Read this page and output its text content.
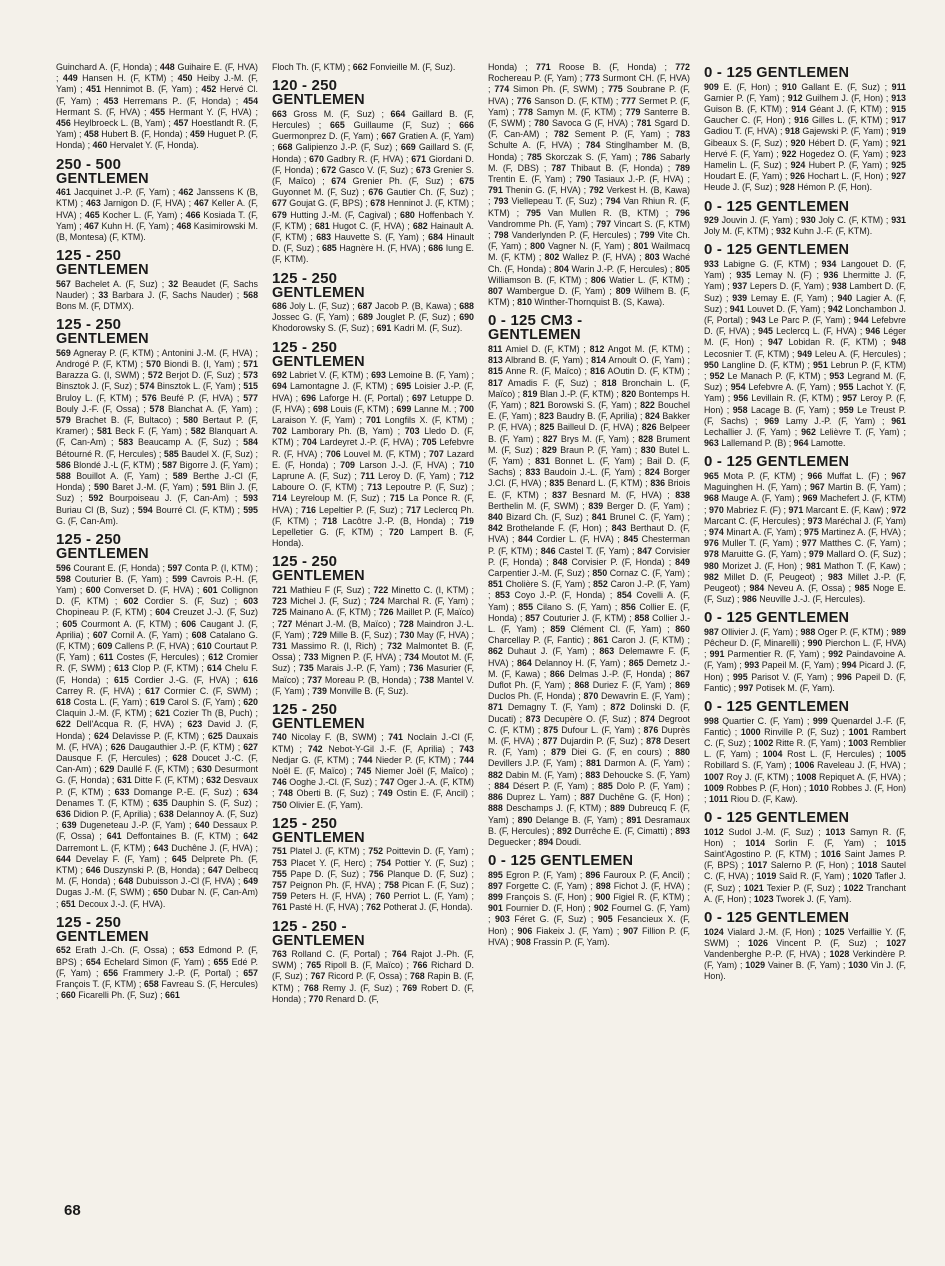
Guinchard A. (F, Honda) ; 448 Guihaire E. (F, HVA) ; 449 Hansen H. (F, KTM) ; 450 Heiby J.-M. (F, Yam) ; 451 Hennimot B. (F, Yam) ; 452 Hervé Cl. (F, Yam) ; 453 Herremans P.. (F, Honda) ; 454 Hermant S. (F, HVA) ; 455 Hermant Y. (F, HVA) ; 456 Heylbroeck L. (B, Yam) ; 457 Hoestlandt R. (F, Yam) ; 458 Hubert B. (F, Honda) ; 459 Huguet P. (F, Honda) ; 460 Hervalet Y. (F, Honda).

250 - 500
GENTLEMEN

461 Jacquinet J.-P. (F, Yam) ; 462 Janssens K (B, KTM) ; 463 Jarnigon D. (F, HVA) ; 467 Keller A. (F, HVA) ; 465 Kocher L. (F, Yam) ; 466 Kosiada T. (F, Yam) ; 467 Kuhn H. (F, Yam) ; 468 Kasimirowski M. (B, Montesa) (F, KTM).

125 - 250
GENTLEMEN

567 Bachelet A. (F, Suz) ; 32 Beaudet (F, Sachs Nauder) ; 33 Barbara J. (F, Sachs Nauder) ; 568 Bons M. (F, DTMX).

125 - 250
GENTLEMEN

569 Agneray P. (F, KTM) ; Antonini J.-M. (F, HVA) ; Androgé P. (F, KTM) ; 570 Biondi B. (I, Yam) ; 571 Barazza G. (I, SWM) ; 572 Berjot D. (F, Suz) ; 573 Binsztok J. (F, Suz) ; 574 Binsztok L. (F, Yam) ; 515 Bruloy L. (F, KTM) ; 576 Beufé P. (F, HVA) ; 577 Bouly J.-F. (F, Ossa) ; 578 Blanchat A. (F, Yam) ; 579 Brachet B. (F, Bultaco) ; 580 Bertaut P. (F, Kramer) ; 581 Beck F. (F, Yam) ; 582 Blanquart A. (F, Can-Am) ; 583 Beaucamp A. (F, Suz) ; 584 Bétourné R. (F, Hercules) ; 585 Baudel X. (F, Suz) ; 586 Blondé J.-L (F, KTM) ; 587 Bigorre J. (F, Yam) ; 588 Bouillot A. (F, Yam) ; 589 Berthe J.-Cl (F, Honda) ; 590 Baret J.-M. (F, Yam) ; 591 Blin J. (F, Suz) ; 592 Bourpoiseau J. (F, Can-Am) ; 593 Buriau Cl (B, Suz) ; 594 Bourré Cl. (F, KTM) ; 595 G. (F, Can-Am).

125 - 250
GENTLEMEN

596 Courant E. (F, Honda) ; 597 Conta P. (I, KTM) ; 598 Couturier B. (F, Yam) ; 599 Cavrois P.-H. (F, Yam) ; 600 Converset D. (F, HVA) ; 601 Collignon D. (F, KTM) ; 602 Cordier S. (F, Suz) ; 603 Chopineau P. (F, KTM) ; 604 Creuzet J.-J. (F, Suz) ; 605 Courmont A. (F, KTM) ; 606 Caugant J. (F, Aprilia) ; 607 Cornil A. (F, Yam) ; 608 Catalano G. (F, KTM) ; 609 Callens P. (F, HVA) ; 610 Courtaut P. (F, Yam) ; 611 Costes (F, Hercules) ; 612 Cromier R. (F, SWM) ; 613 Clop P. (F, KTM) ; 614 Chelu F. (F, Honda) ; 615 Cordier J.-G. (F, HVA) ; 616 Carrey R. (F, HVA) ; 617 Cormier C. (F, SWM) ; 618 Costa L. (F, Yam) ; 619 Carol S. (F, Yam) ; 620 Claquin J.-M. (F, KTM) ; 621 Cozier Th (B, Puch) ; 622 Dell'Acqua R. (F, HVA) ; 623 David J. (F, Honda) ; 624 Delavisse P. (F, KTM) ; 625 Dauxais M. (F, HVA) ; 626 Daugauthier J.-P. (F, KTM) ; 627 Dausque F. (F, Hercules) ; 628 Doucet J.-C. (F, Can-Am) ; 629 Daullé F. (F, KTM) ; 630 Desurmont G. (F, Honda) ; 631 Ditte F. (F, KTM) ; 632 Desvaux P. (F, KTM) ; 633 Domange P.-E. (F, Suz) ; 634 Denames T. (F, KTM) ; 635 Dauphin S. (F, Suz) ; 636 Didion P. (F, Aprilia) ; 638 Delannoy A. (F, Suz) ; 639 Dugeneteau J.-P. (F, Yam) ; 640 Dessaux P. (F, Ossa) ; 641 Deffontaines B. (F, KTM) ; 642 Darremont L. (F, KTM) ; 643 Duchêne J. (F, HVA) ; 644 Develay F. (F, Yam) ; 645 Delprete Ph. (F, KTM) ; 646 Duszynski P. (B, Honda) ; 647 Delbecq M. (F, Honda) ; 648 Dubuisson J.-Cl (F, HVA) ; 649 Dugas J.-M. (F, SWM) ; 650 Dubar N. (F, Can-Am) ; 651 Decoux J.-J. (F, HVA).

125 - 250
GENTLEMEN

652 Erath J.-Ch. (F, Ossa) ; 653 Edmond P. (F, BPS) ; 654 Echelard Simon (F, Yam) ; 655 Edé P. (F, Yam) ; 656 Frammery J.-P. (F, Portal) ; 657 François T. (F, KTM) ; 658 Favreau S. (F, Hercules) ; 660 Ficarelli Ph. (F, Suz) ; 661

Floch Th. (F, KTM) ; 662 Fonvieille M. (F, Suz).

120 - 250
GENTLEMEN

663 Gross M. (F, Suz) ; 664 Gaillard B. (F, Hercules) ; 665 Guillaume (F, Suz) ; 666 Guermonprez D. (F, Yam) ; 667 Gratien A. (F, Yam) ; 668 Galipienzo J.-P. (F, Suz) ; 669 Gaillard S. (F, Honda) ; 670 Gadbry R. (F, HVA) ; 671 Giordani D. (F, Honda) ; 672 Gasco V. (F, Suz) ; 673 Grenier S. (F, Maïco) ; 674 Grenier Ph. (F, Suz) ; 675 Guyonnet M. (F, Suz) ; 676 Gautier Ch. (F, Suz) ; 677 Goujat G. (F, BPS) ; 678 Henninot J. (F, KTM) ; 679 Hutting J.-M. (F, Cagival) ; 680 Hoffenbach Y. (F, KTM) ; 681 Hugot C. (F, HVA) ; 682 Hainault A. (F, KTM) ; 683 Hauvette S. (F, Yam) ; 684 Hinault D. (F, Suz) ; 685 Hagnère H. (F, HVA) ; 686 Iung E. (F, KTM).

125 - 250
GENTLEMEN

686 Joly L. (F, Suz) ; 687 Jacob P. (B, Kawa) ; 688 Jossec G. (F, Yam) ; 689 Jouglet P. (F, Suz) ; 690 Khodorowsky S. (F, Suz) ; 691 Kadri M. (F, Suz).

125 - 250
GENTLEMEN

692 Labriet V. (F, KTM) ; 693 Lemoine B. (F, Yam) ; 694 Lamontagne J. (F, KTM) ; 695 Loisier J.-P. (F, HVA) ; 696 Laforge H. (F, Portal) ; 697 Letuppe D. (F, HVA) ; 698 Louis (F, KTM) ; 699 Lanne M. ; 700 Laraison Y. (F, Yam) ; 701 Longfils X. (F, KTM) ; 702 Lamborary Ph. (B, Yam) ; 703 Lledo D. (F, KTM) ; 704 Lardeyret J.-P. (F, HVA) ; 705 Lefebvre R. (F, HVA) ; 706 Louvel M. (F, KTM) ; 707 Lazard E. (F, Honda) ; 709 Larson J.-J. (F, HVA) ; 710 Laprune A. (F, Suz) ; 711 Leroy D. (F, Yam) ; 712 Laboure O. (F, KTM) ; 713 Lepoutre P. (F, Suz) ; 714 Leyreloup M. (F, Suz) ; 715 La Ponce R. (F, HVA) ; 716 Lepeltier P. (F, Suz) ; 717 Leclercq Ph. (F, KTM) ; 718 Lacôtre J.-P. (B, Honda) ; 719 Lepelletier G. (F, KTM) ; 720 Lampert B. (F, Honda).

125 - 250
GENTLEMEN

721 Mathieu F (F, Suz) ; 722 Minetto C. (I, KTM) ; 723 Michel J. (F, Suz) ; 724 Marchal R. (F, Yam) ; 725 Mainano A. (F, KTM) ; 726 Maillet P. (F, Maïco) ; 727 Ménart J.-M. (B, Maïco) ; 728 Maindron J.-L. (F, Yam) ; 729 Mille B. (F, Suz) ; 730 May (F, HVA) ; 731 Massimo R. (I, Rich) ; 732 Malmontet B. (F, Ossa) ; 733 Mignen P. (F, HVA) ; 734 Moutot M. (F, Suz) ; 735 Marais J.-P. (F, Yam) ; 736 Masurier (F, Maïco) ; 737 Moreau P. (B, Honda) ; 738 Mantel V. (F, Yam) ; 739 Monville B. (F, Suz).

125 - 250
GENTLEMEN

740 Nicolay F. (B, SWM) ; 741 Noclain J.-Cl (F, KTM) ; 742 Nebot-Y-Gil J.-F. (F, Aprilia) ; 743 Nedjar G. (F, KTM) ; 744 Nieder P. (F, KTM) ; 744 Noël E. (F, Maïco) ; 745 Niemer Joël (F, Maïco) ; 746 Ooghe J.-Cl. (F, Suz) ; 747 Oger J.-A. (F, KTM) ; 748 Oberti B. (F, Suz) ; 749 Ostin E. (F, Ancil) ; 750 Olivier E. (F, Yam).

125 - 250
GENTLEMEN

751 Platel J. (F, KTM) ; 752 Poittevin D. (F, Yam) ; 753 Placet Y. (F, Herc) ; 754 Pottier Y. (F, Suz) ; 755 Pape D. (F, Suz) ; 756 Planque D. (F, Suz) ; 757 Peignon Ph. (F, HVA) ; 758 Pican F. (F, Suz) ; 759 Peters H. (F, HVA) ; 760 Perriot L. (F, Yam) ; 761 Pasté H. (F, HVA) ; 762 Potherat J. (F, Honda).

125 - 250 -
GENTLEMEN

763 Rolland C. (F, Portal) ; 764 Rajot J.-Ph. (F, SWM) ; 765 Ripoll B. (F, Maïco) ; 766 Richard D. (F, Suz) ; 767 Ricord P. (F, Ossa) ; 768 Rapin B. (F, KTM) ; 768 Remy J. (F, Suz) ; 769 Robert D. (F, Honda) ; 770 Renard D. (F,

Honda) ; 771 Roose B. (F, Honda) ; 772 Rochereau P. (F, Yam) ; 773 Surmont CH. (F, HVA) ; 774 Simon Ph. (F, SWM) ; 775 Soubrane P. (F, HVA) ; 776 Sanson D. (F, KTM) ; 777 Sermet P. (F, Yam) ; 778 Samyn M. (F, KTM) ; 779 Santerre B. (F, SWM) ; 780 Savoca G (F, HVA) ; 781 Sgard D. (F, Can-AM) ; 782 Sement P. (F, Yam) ; 783 Schulte A. (F, HVA) ; 784 Stinglhamber M. (B, Honda) ; 785 Skorczak S. (F, Yam) ; 786 Sabarly M. (F, DBS) ; 787 Thibaut B. (F, Honda) ; 789 Trentin E. (F, Yam) ; 790 Tasiaux J.-P. (F, HVA) ; 791 Thenin G. (F, HVA) ; 792 Verkest H. (B, Kawa) ; 793 Viellepeau T. (F, Suz) ; 794 Van Rhiun R. (F, KTM) ; 795 Van Mullen R. (B, KTM) ; 796 Vandromme Ph. (F, Yam) ; 797 Vincart S. (F, KTM) ; 798 Vanderlynden P. (F, Hercules) ; 799 Vite Ch. (F, Yam) ; 800 Vagner N. (F, Yam) ; 801 Wailmacq M. (F, KTM) ; 802 Wallez P. (F, HVA) ; 803 Waché Ch. (F, Honda) ; 804 Warin J.-P. (F, Hercules) ; 805 Williamson B. (F, KTM) ; 806 Watier L. (F, KTM) ; 807 Wambergue D. (F, Yam) ; 809 Wilhem B. (F, KTM) ; 810 Winther-Thornquist B. (S, Kawa).

0 - 125 CM3 -
GENTLEMEN

811 Amiel D. (F, KTM) ; 812 Angot M. (F, KTM) ; 813 Albrand B. (F, Yam) ; 814 Arnoult O. (F, Yam) ; 815 Anne R. (F, Maïco) ; 816 AOutin D. (F, KTM) ; 817 Amadis F. (F, Suz) ; 818 Bronchain L. (F, Maïco) ; 819 Blan J.-P. (F, KTM) ; 820 Bontemps H. (F, Yam) ; 821 Borowski S. (F, Yam) ; 822 Bouchel E. (F, Yam) ; 823 Baudry B. (F, Aprilia) ; 824 Bakker P. (F, HVA) ; 825 Bailleul D. (F, HVA) ; 826 Belpeer B. (F, Yam) ; 827 Brys M. (F, Yam) ; 828 Brument M. (F, Suz) ; 829 Braun P. (F, Yam) ; 830 Butel L. (F, Yam) ; 831 Bonnet L. (F, Yam) ; Bail D. (F, Sachs) ; 833 Baudoin J.-L. (F, Yam) ; 824 Borger J.Cl. (F, HVA) ; 835 Benard L. (F, KTM) ; 836 Briois E. (F, KTM) ; 837 Besnard M. (F, HVA) ; 838 Berthelin M. (F, SWM) ; 839 Berger D. (F, Yam) ; 840 Bizard Ch. (F, Suz) ; 841 Brunel C. (F, Yam) ; 842 Brothelande F. (F, Hon) ; 843 Berthaut D. (F, HVA) ; 844 Cordier L. (F, HVA) ; 845 Chesterman P. (F, KTM) ; 846 Castel T. (F, Yam) ; 847 Corvisier P. (F, Honda) ; 848 Corvisier P. (F, Honda) ; 849 Carpentier J.-M. (F, Suz) ; 850 Cornaz C. (F, Yam) ; 851 Cholière S. (F, Yam) ; 852 Caron J.-P. (F, Yam) ; 853 Coyo J.-P. (F, Honda) ; 854 Covelli A. (F, Yam) ; 855 Cilano S. (F, Yam) ; 856 Collier E. (F, Honda) ; 857 Couturier J. (F, KTM) ; 858 Collier J.-L. (F, Yam) ; 859 Clément Cl. (F, Yam) ; 860 Charcellay P. (F, Fantic) ; 861 Caron J. (F, KTM) ; 862 Duhaut J. (F, Yam) ; 863 Delemawre F. (F, HVA) ; 864 Delannoy H. (F, Yam) ; 865 Demetz J.-M. (F, Kawa) ; 866 Delmas J.-P. (F, Honda) ; 867 Duflot Ph. (F, Yam) ; 868 Duriez F. (F, Yam) ; 869 Duclos Ph. (F, Honda) ; 870 Dewavrin E. (F, Yam) ; 871 Demagny T. (F, Yam) ; 872 Dolinski D. (F, Ducati) ; 873 Decupère O. (F, Suz) ; 874 Degroot C. (F, KTM) ; 875 Dufour L. (F, Yam) ; 876 Duprès M. (F, HVA) ; 877 Dujardin P. (F, Suz) ; 878 Desert R. (F, Yam) ; 879 Diei G. (F, en cours) ; 880 Devillers J.P. (F, Yam) ; 881 Darmon A. (F, Yam) ; 882 Dabin M. (F, Yam) ; 883 Dehoucke S. (F, Yam) ; 884 Désert P. (F, Yam) ; 885 Dolo P. (F, Yam) ; 886 Duprez L. Yam) ; 887 Duchêne G. (F, Hon) ; 888 Deschamps J. (F, KTM) ; 889 Dubreucq F. (F, Yam) ; 890 Delange B. (F, Yam) ; 891 Desramaux B. (F, Hercules) ; 892 Durrêche E. (F, Cimatti) ; 893 Deguecker ; 894 Doudi.

0 - 125 GENTLEMEN

895 Egron P. (F, Yam) ; 896 Fauroux P. (F, Ancil) ; 897 Forgette C. (F, Yam) ; 898 Fichot J. (F, HVA) ; 899 François S. (F, Hon) ; 900 Figiel R. (F, KTM) ; 901 Fournier D. (F, Hon) ; 902 Fournel G. (F, Yam) ; 903 Féret G. (F, Suz) ; 905 Fesancieux X. (F, Hon) ; 906 Fiakeix J. (F, Yam) ; 907 Fillion P. (F, HVA) ; 908 Frassin P. (F, Yam).

0 - 125 GENTLEMEN

909 E. (F, Hon) ; 910 Gallant E. (F, Suz) ; 911 Garnier P. (F, Yam) ; 912 Guilhem J. (F, Hon) ; 913 Guison B. (F, KTM) ; 914 Géant J. (F, KTM) ; 915 Gaucher C. (F, Hon) ; 916 Gilles L. (F, KTM) ; 917 Gadiou T. (F, HVA) ; 918 Gajewski P. (F, Yam) ; 919 Gibeaux S. (F, Suz) ; 920 Hébert D. (F, Yam) ; 921 Hervé F. (F, Yam) ; 922 Hogedez O. (F, Yam) ; 923 Hamelin L. (F, Suz) ; 924 Hubert P. (F, Yam) ; 925 Houdart E. (F, Yam) ; 926 Hochart L. (F, Hon) ; 927 Heude J. (F, Suz) ; 928 Hémon P. (F, Hon).

0 - 125 GENTLEMEN

929 Jouvin J. (F, Yam) ; 930 Joly C. (F, KTM) ; 931 Joly M. (F, KTM) ; 932 Kuhn J.-F. (F, KTM).

0 - 125 GENTLEMEN

933 Labigne G. (F, KTM) ; 934 Langouet D. (F, Yam) ; 935 Lemay N. (F) ; 936 Lhermitte J. (F, Yam) ; 937 Lepers D. (F, Yam) ; 938 Lambert D. (F, Suz) ; 939 Lemay E. (F, Yam) ; 940 Lagier A. (F, Suz) ; 941 Louvet D. (F, Yam) ; 942 Lonchambon J. (F, Portal) ; 943 Le Parc P. (F, Yam) ; 944 Lefebvre D. (F, HVA) ; 945 Leclercq L. (F, HVA) ; 946 Léger M. (F, Hon) ; 947 Lobidan R. (F, KTM) ; 948 Lecosnier T. (F, KTM) ; 949 Leleu A. (F, Hercules) ; 950 Langline D. (F, KTM) ; 951 Lebrun P. (F, KTM) ; 952 Le Manach P. (F, KTM) ; 953 Legrand M. (F, Suz) ; 954 Lefebvre A. (F, Yam) ; 955 Lachot Y. (F, Yam) ; 956 Levillain R. (F, KTM) ; 957 Leroy P. (F, Hon) ; 958 Lacage B. (F, Yam) ; 959 Le Treust P. (F, Sachs) ; 969 Lamy J.-P. (F, Yam) ; 961 Lechallier J. (F, Yam) ; 962 Lelièvre T. (F, Yam) ; 963 Lallemand P. (B) ; 964 Lamotte.

0 - 125 GENTLEMEN

965 Mota P. (F, KTM) ; 966 Muffat L. (F) ; 967 Maguinghen H. (F, Yam) ; 967 Martin B. (F, Yam) ; 968 Mauge A. (F, Yam) ; 969 Machefert J. (F, KTM) ; 970 Mabriez F. (F) ; 971 Marcant E. (F, Kaw) ; 972 Marcant C. (F, Hercules) ; 973 Maréchal J. (F, Yam) ; 974 Minart A. (F, Yam) ; 975 Martinez A. (F, HVA) ; 976 Muller T. (F, Yam) ; 977 Matthes C. (F, Yam) ; 978 Maruitte G. (F, Yam) ; 979 Mallard O. (F, Suz) ; 980 Morizet J. (F, Hon) ; 981 Mathon T. (F, Kaw) ; 982 Millet D. (F, Peugeot) ; 983 Millet J.-P. (F, Peugeot) ; 984 Neveu A. (F, Ossa) ; 985 Noge E. (F, Suz) ; 986 Neuville J.-J. (F, Hercules).

0 - 125 GENTLEMEN

987 Ollivier J. (F, Yam) ; 988 Oger P. (F, KTM) ; 989 Pêcheur D. (F, Minarelli) ; 990 Pierchon L. (F, HVA) ; 991 Parmentier R. (F, Yam) ; 992 Paindavoine A. (F, Yam) ; 993 Papeil M. (F, Yam) ; 994 Picard J. (F, Hon) ; 995 Parisot V. (F, Yam) ; 996 Papeil D. (F, Fantic) ; 997 Potisek M. (F, Yam).

0 - 125 GENTLEMEN

998 Quartier C. (F, Yam) ; 999 Quenardel J.-F. (F, Fantic) ; 1000 Rinville P. (F, Suz) ; 1001 Rambert C. (F, Suz) ; 1002 Ritte R. (F, Yam) ; 1003 Remblier L. (F, Yam) ; 1004 Rost L. (F, Hercules) ; 1005 Robillard S. (F, Yam) ; 1006 Raveleau J. (F, HVA) ; 1007 Roy J. (F, KTM) ; 1008 Repiquet A. (F, HVA) ; 1009 Robbes P. (F, Hon) ; 1010 Robbes J. (F, Hon) ; 1011 Riou D. (F, Kaw).

0 - 125 GENTLEMEN

1012 Sudol J.-M. (F, Suz) ; 1013 Samyn R. (F, Hon) ; 1014 Sorlin F. (F, Yam) ; 1015 Saint'Agostino P. (F, KTM) ; 1016 Saint James P. (F, BPS) ; 1017 Salerno P. (F, Hon) ; 1018 Sautel C. (F, HVA) ; 1019 Saïd R. (F, Yam) ; 1020 Tafler J. (F, Suz) ; 1021 Texier P. (F, Suz) ; 1022 Tranchant A. (F, Hon) ; 1023 Tworek J. (F, Yam).

0 - 125 GENTLEMEN

1024 Vialard J.-M. (F, Hon) ; 1025 Verfaillie Y. (F, SWM) ; 1026 Vincent P. (F, Suz) ; 1027 Vandenberghe P.-P. (F, HVA) ; 1028 Verkindère P. (F, Yam) ; 1029 Vainer B. (F, Yam) ; 1030 Vin J. (F, Hon).

68
